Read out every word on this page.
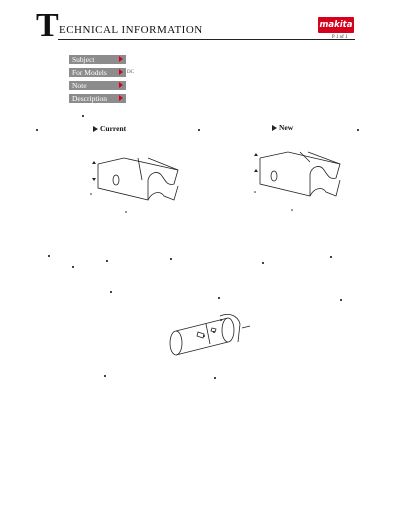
T ECHNICAL INFORMATION	makita
P 1 of 1
Subject
For Models	DC
Note
Description
Current	New
